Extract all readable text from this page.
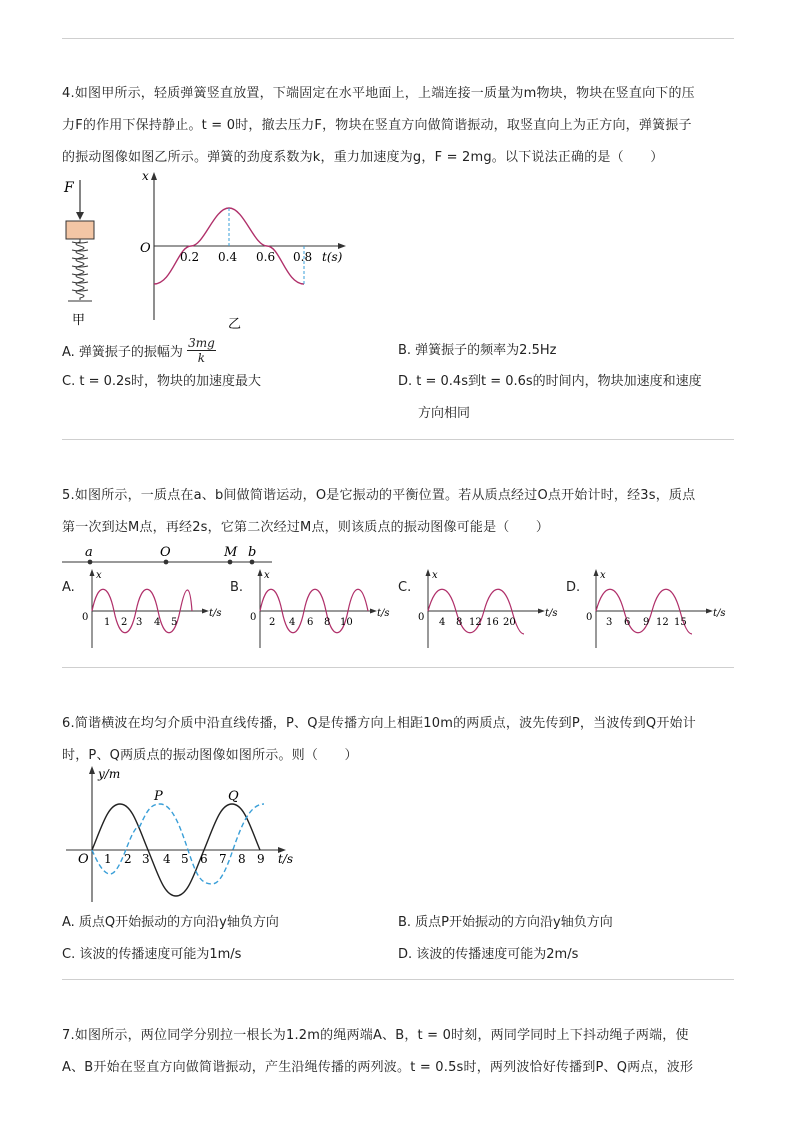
4.如图甲所示，轻质弹簧竖直放置，下端固定在水平地面上，上端连接一质量为m物块，物块在竖直向下的压
力F的作用下保持静止。t = 0时，撤去压力F，物块在竖直方向做简谐振动，取竖直向上为正方向，弹簧振子
的振动图像如图乙所示。弹簧的劲度系数为k，重力加速度为g，F = 2mg。以下说法正确的是（　　）
F
甲
x
O
0.2 0.4 0.6 0.8 t(s)
乙
A. 弹簧振子的振幅为 $\frac{3mg}{k}$	B. 弹簧振子的频率为2.5Hz
C. t = 0.2s时，物块的加速度最大	D. t = 0.4s到t = 0.6s的时间内，物块加速度和速度
方向相同
5.如图所示，一质点在a、b间做简谐运动，O是它振动的平衡位置。若从质点经过O点开始计时，经3s，质点
第一次到达M点，再经2s，它第二次经过M点，则该质点的振动图像可能是（　　）
a	O	M b
A.
x
0 1 2 3 4 5
t/s
B.
x
0 2 4 6 8 10
t/s
C.
x
0 4 8 12 16 20
t/s
D.
x
0 3 6 9 12 15
t/s
6.简谐横波在均匀介质中沿直线传播，P、Q是传播方向上相距10m的两质点，波先传到P，当波传到Q开始计
时，P、Q两质点的振动图像如图所示。则（　　）
y/m
O
P	Q
1 2 3 4 5 6 7 8 9 t/s
A. 质点Q开始振动的方向沿y轴负方向	B. 质点P开始振动的方向沿y轴负方向
C. 该波的传播速度可能为1m/s	D. 该波的传播速度可能为2m/s
7.如图所示，两位同学分别拉一根长为1.2m的绳两端A、B，t = 0时刻，两同学同时上下抖动绳子两端，使
A、B开始在竖直方向做简谐振动，产生沿绳传播的两列波。t = 0.5s时，两列波恰好传播到P、Q两点，波形
